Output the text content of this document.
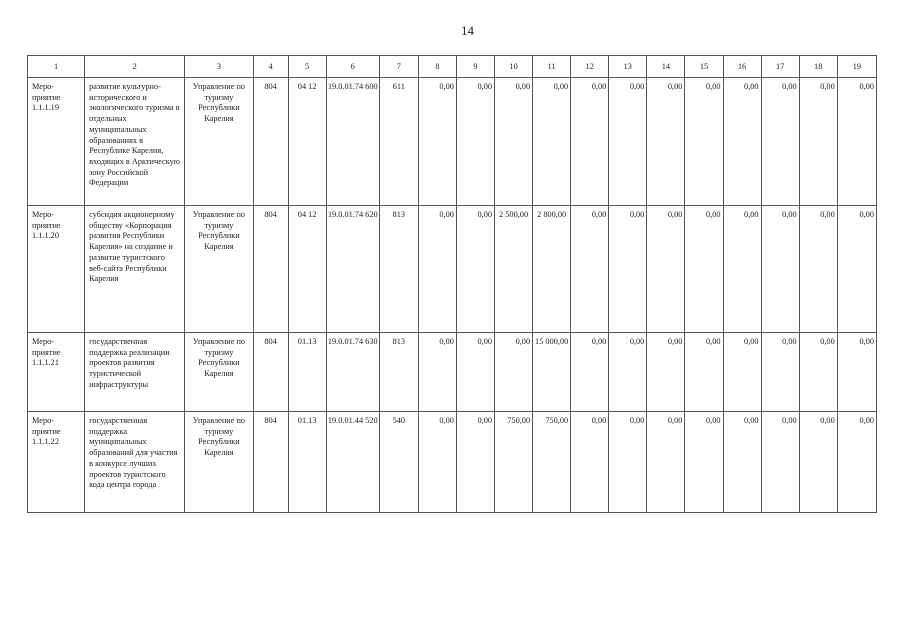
14
1	2	3	4	5	6	7	8	9	10	11	12	13	14	15	16	17	18	19
Меро-приятие 1.1.1.19	развитие культурно-исторического и экологического туризма в отдельных муниципальных образованиях в Республике Карелия, входящих в Арктическую зону Российской Федерации	Управление по туризму Республики Карелия	804	04 12	19.0.01.74 600	611	0,00	0,00	0,00	0,00	0,00	0,00	0,00	0,00	0,00	0,00	0,00	0,00
Меро-приятие 1.1.1.20	субсидия акционерному обществу «Корпорация развития Республики Карелия» на создание и развитие туристского веб-сайта Республики Карелия	Управление по туризму Республики Карелия	804	04 12	19.0.01.74 620	813	0,00	0,00	2 500,00	2 800,00	0,00	0,00	0,00	0,00	0,00	0,00	0,00	0,00
Меро-приятие 1.1.1.21	государственная поддержка реализации проектов развития туристической инфраструктуры	Управление по туризму Республики Карелия	804	01.13	19.0.01.74 630	813	0,00	0,00	0,00	15 000,00	0,00	0,00	0,00	0,00	0,00	0,00	0,00	0,00
Меро-приятие 1.1.1.22	государственная поддержка муниципальных образований для участия в конкурсе лучших проектов туристского кода центра города	Управление по туризму Республики Карелия	804	01.13	19.0.01.44 520	540	0,00	0,00	750,00	750,00	0,00	0,00	0,00	0,00	0,00	0,00	0,00	0,00
